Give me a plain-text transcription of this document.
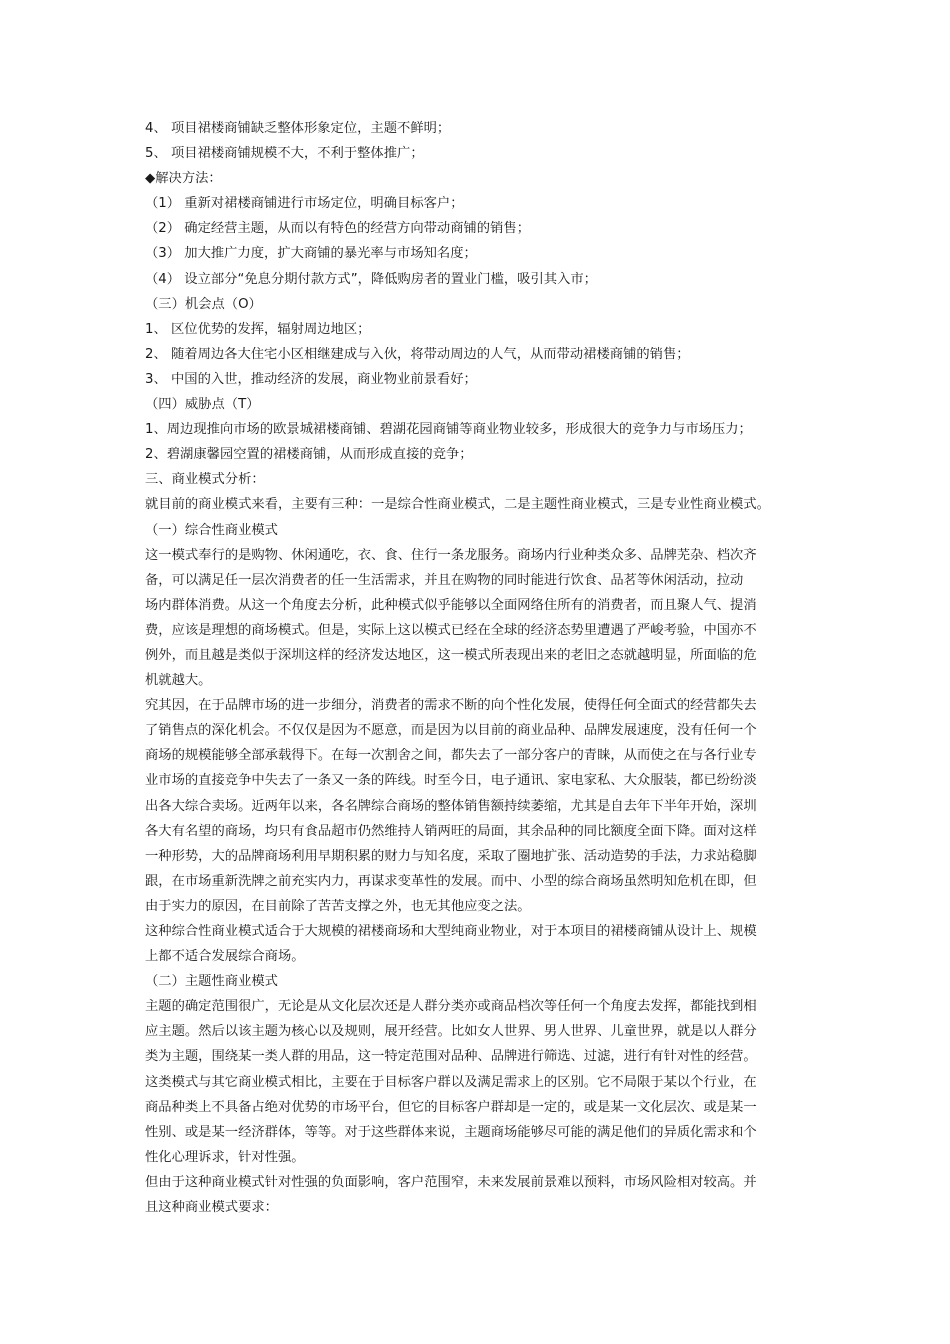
4、 项目裙楼商铺缺乏整体形象定位，主题不鲜明；
5、 项目裙楼商铺规模不大，不利于整体推广；
◆解决方法：
（1） 重新对裙楼商铺进行市场定位，明确目标客户；
（2） 确定经营主题，从而以有特色的经营方向带动商铺的销售；
（3） 加大推广力度，扩大商铺的暴光率与市场知名度；
（4） 设立部分“免息分期付款方式”，降低购房者的置业门槛，吸引其入市；
（三）机会点（O）
1、 区位优势的发挥，辐射周边地区；
2、 随着周边各大住宅小区相继建成与入伙，将带动周边的人气，从而带动裙楼商铺的销售；
3、 中国的入世，推动经济的发展，商业物业前景看好；
（四）威胁点（T）
1、周边现推向市场的欧景城裙楼商铺、碧湖花园商铺等商业物业较多，形成很大的竞争力与市场压力；
2、碧湖康馨园空置的裙楼商铺，从而形成直接的竞争；
三、商业模式分析：
就目前的商业模式来看，主要有三种：一是综合性商业模式，二是主题性商业模式，三是专业性商业模式。
（一）综合性商业模式
这一模式奉行的是购物、休闲通吃，衣、食、住行一条龙服务。商场内行业种类众多、品牌芜杂、档次齐
备，可以满足任一层次消费者的任一生活需求，并且在购物的同时能进行饮食、品茗等休闲活动，拉动
场内群体消费。从这一个角度去分析，此种模式似乎能够以全面网络住所有的消费者，而且聚人气、提消
费，应该是理想的商场模式。但是，实际上这以模式已经在全球的经济态势里遭遇了严峻考验，中国亦不
例外，而且越是类似于深圳这样的经济发达地区，这一模式所表现出来的老旧之态就越明显，所面临的危
机就越大。
究其因，在于品牌市场的进一步细分，消费者的需求不断的向个性化发展，使得任何全面式的经营都失去
了销售点的深化机会。不仅仅是因为不愿意，而是因为以目前的商业品种、品牌发展速度，没有任何一个
商场的规模能够全部承载得下。在每一次割舍之间，都失去了一部分客户的青睐，从而使之在与各行业专
业市场的直接竞争中失去了一条又一条的阵线。时至今日，电子通讯、家电家私、大众服装，都已纷纷淡
出各大综合卖场。近两年以来，各名牌综合商场的整体销售额持续萎缩，尤其是自去年下半年开始，深圳
各大有名望的商场，均只有食品超市仍然维持人销两旺的局面，其余品种的同比额度全面下降。面对这样
一种形势，大的品牌商场利用早期积累的财力与知名度，采取了圈地扩张、活动造势的手法，力求站稳脚
跟，在市场重新洗牌之前充实内力，再谋求变革性的发展。而中、小型的综合商场虽然明知危机在即，但
由于实力的原因，在目前除了苦苦支撑之外，也无其他应变之法。
这种综合性商业模式适合于大规模的裙楼商场和大型纯商业物业，对于本项目的裙楼商铺从设计上、规模
上都不适合发展综合商场。
（二）主题性商业模式
主题的确定范围很广，无论是从文化层次还是人群分类亦或商品档次等任何一个角度去发挥，都能找到相
应主题。然后以该主题为核心以及规则，展开经营。比如女人世界、男人世界、儿童世界，就是以人群分
类为主题，围绕某一类人群的用品，这一特定范围对品种、品牌进行筛选、过滤，进行有针对性的经营。
这类模式与其它商业模式相比，主要在于目标客户群以及满足需求上的区别。它不局限于某以个行业，在
商品种类上不具备占绝对优势的市场平台，但它的目标客户群却是一定的，或是某一文化层次、或是某一
性别、或是某一经济群体，等等。对于这些群体来说，主题商场能够尽可能的满足他们的异质化需求和个
性化心理诉求，针对性强。
但由于这种商业模式针对性强的负面影响，客户范围窄，未来发展前景难以预料，市场风险相对较高。并
且这种商业模式要求：
